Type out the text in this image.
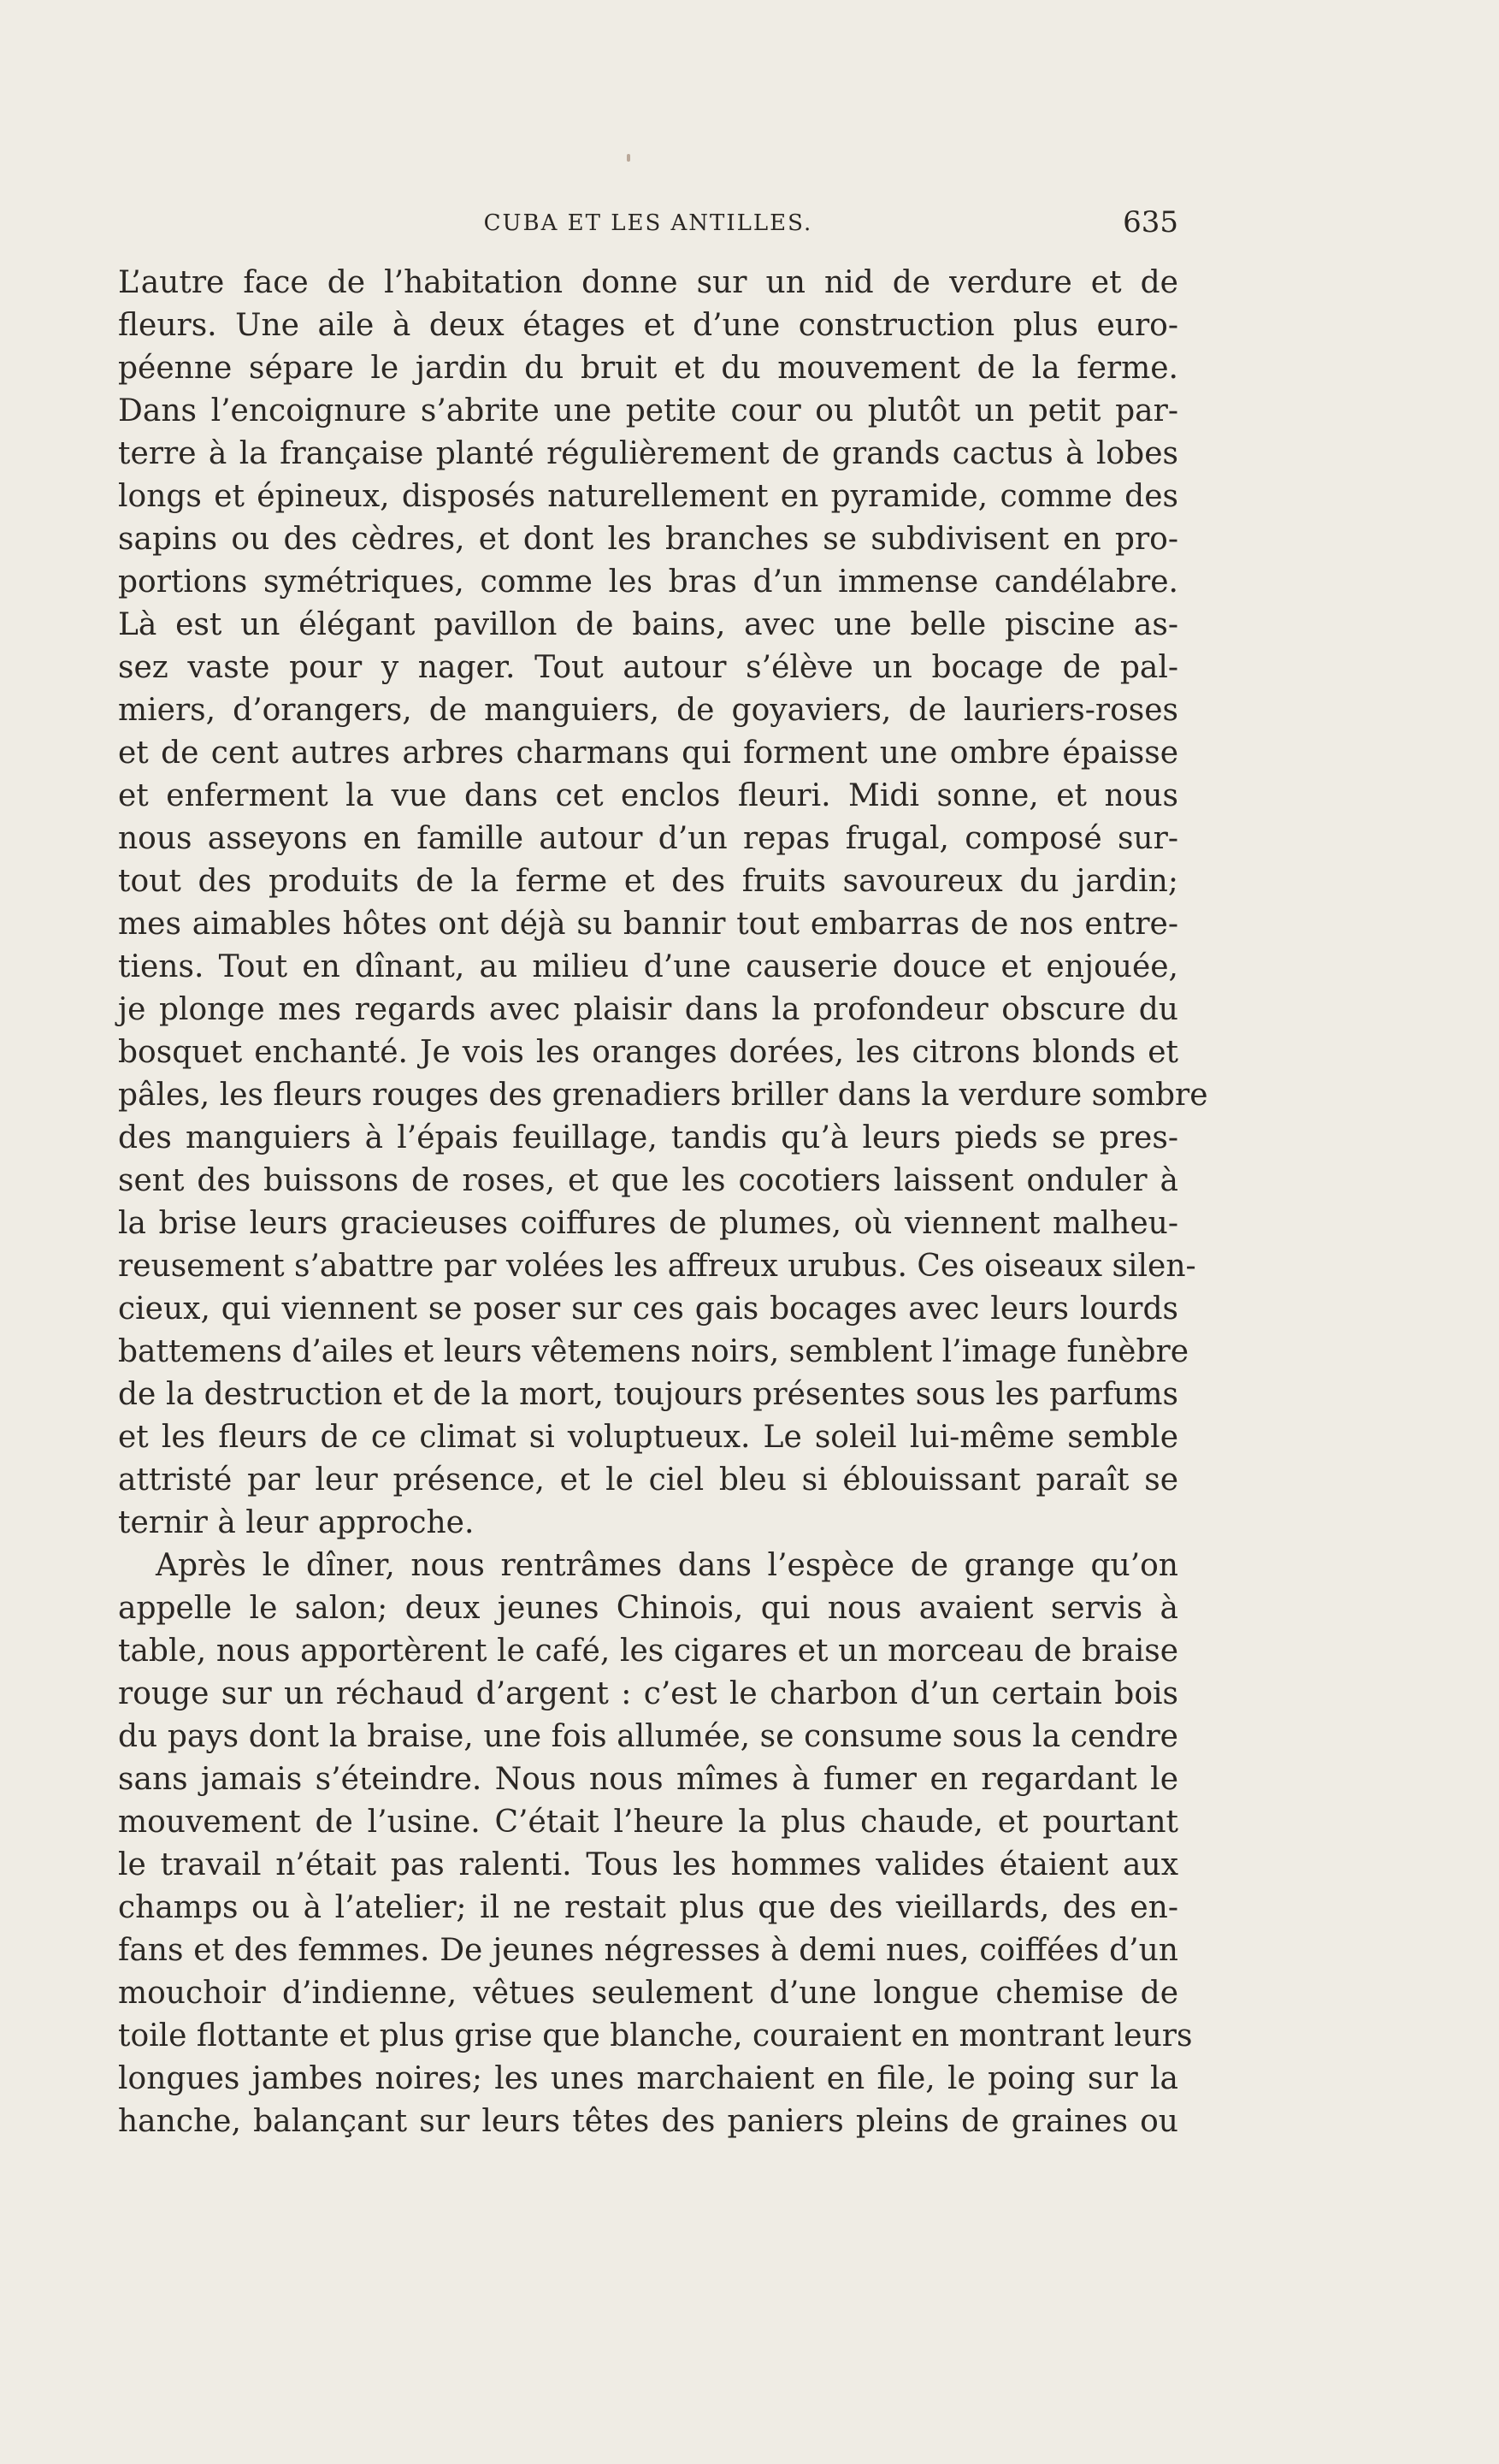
CUBA ET LES ANTILLES.	635
L’autre face de l’habitation donne sur un nid de verdure et de
fleurs. Une aile à deux étages et d’une construction plus euro-
péenne sépare le jardin du bruit et du mouvement de la ferme.
Dans l’encoignure s’abrite une petite cour ou plutôt un petit par-
terre à la française planté régulièrement de grands cactus à lobes
longs et épineux, disposés naturellement en pyramide, comme des
sapins ou des cèdres, et dont les branches se subdivisent en pro-
portions symétriques, comme les bras d’un immense candélabre.
Là est un élégant pavillon de bains, avec une belle piscine as-
sez vaste pour y nager. Tout autour s’élève un bocage de pal-
miers, d’orangers, de manguiers, de goyaviers, de lauriers-roses
et de cent autres arbres charmans qui forment une ombre épaisse
et enferment la vue dans cet enclos fleuri. Midi sonne, et nous
nous asseyons en famille autour d’un repas frugal, composé sur-
tout des produits de la ferme et des fruits savoureux du jardin;
mes aimables hôtes ont déjà su bannir tout embarras de nos entre-
tiens. Tout en dînant, au milieu d’une causerie douce et enjouée,
je plonge mes regards avec plaisir dans la profondeur obscure du
bosquet enchanté. Je vois les oranges dorées, les citrons blonds et
pâles, les fleurs rouges des grenadiers briller dans la verdure sombre
des manguiers à l’épais feuillage, tandis qu’à leurs pieds se pres-
sent des buissons de roses, et que les cocotiers laissent onduler à
la brise leurs gracieuses coiffures de plumes, où viennent malheu-
reusement s’abattre par volées les affreux urubus. Ces oiseaux silen-
cieux, qui viennent se poser sur ces gais bocages avec leurs lourds
battemens d’ailes et leurs vêtemens noirs, semblent l’image funèbre
de la destruction et de la mort, toujours présentes sous les parfums
et les fleurs de ce climat si voluptueux. Le soleil lui-même semble
attristé par leur présence, et le ciel bleu si éblouissant paraît se
ternir à leur approche.
Après le dîner, nous rentrâmes dans l’espèce de grange qu’on
appelle le salon; deux jeunes Chinois, qui nous avaient servis à
table, nous apportèrent le café, les cigares et un morceau de braise
rouge sur un réchaud d’argent : c’est le charbon d’un certain bois
du pays dont la braise, une fois allumée, se consume sous la cendre
sans jamais s’éteindre. Nous nous mîmes à fumer en regardant le
mouvement de l’usine. C’était l’heure la plus chaude, et pourtant
le travail n’était pas ralenti. Tous les hommes valides étaient aux
champs ou à l’atelier; il ne restait plus que des vieillards, des en-
fans et des femmes. De jeunes négresses à demi nues, coiffées d’un
mouchoir d’indienne, vêtues seulement d’une longue chemise de
toile flottante et plus grise que blanche, couraient en montrant leurs
longues jambes noires; les unes marchaient en file, le poing sur la
hanche, balançant sur leurs têtes des paniers pleins de graines ou
